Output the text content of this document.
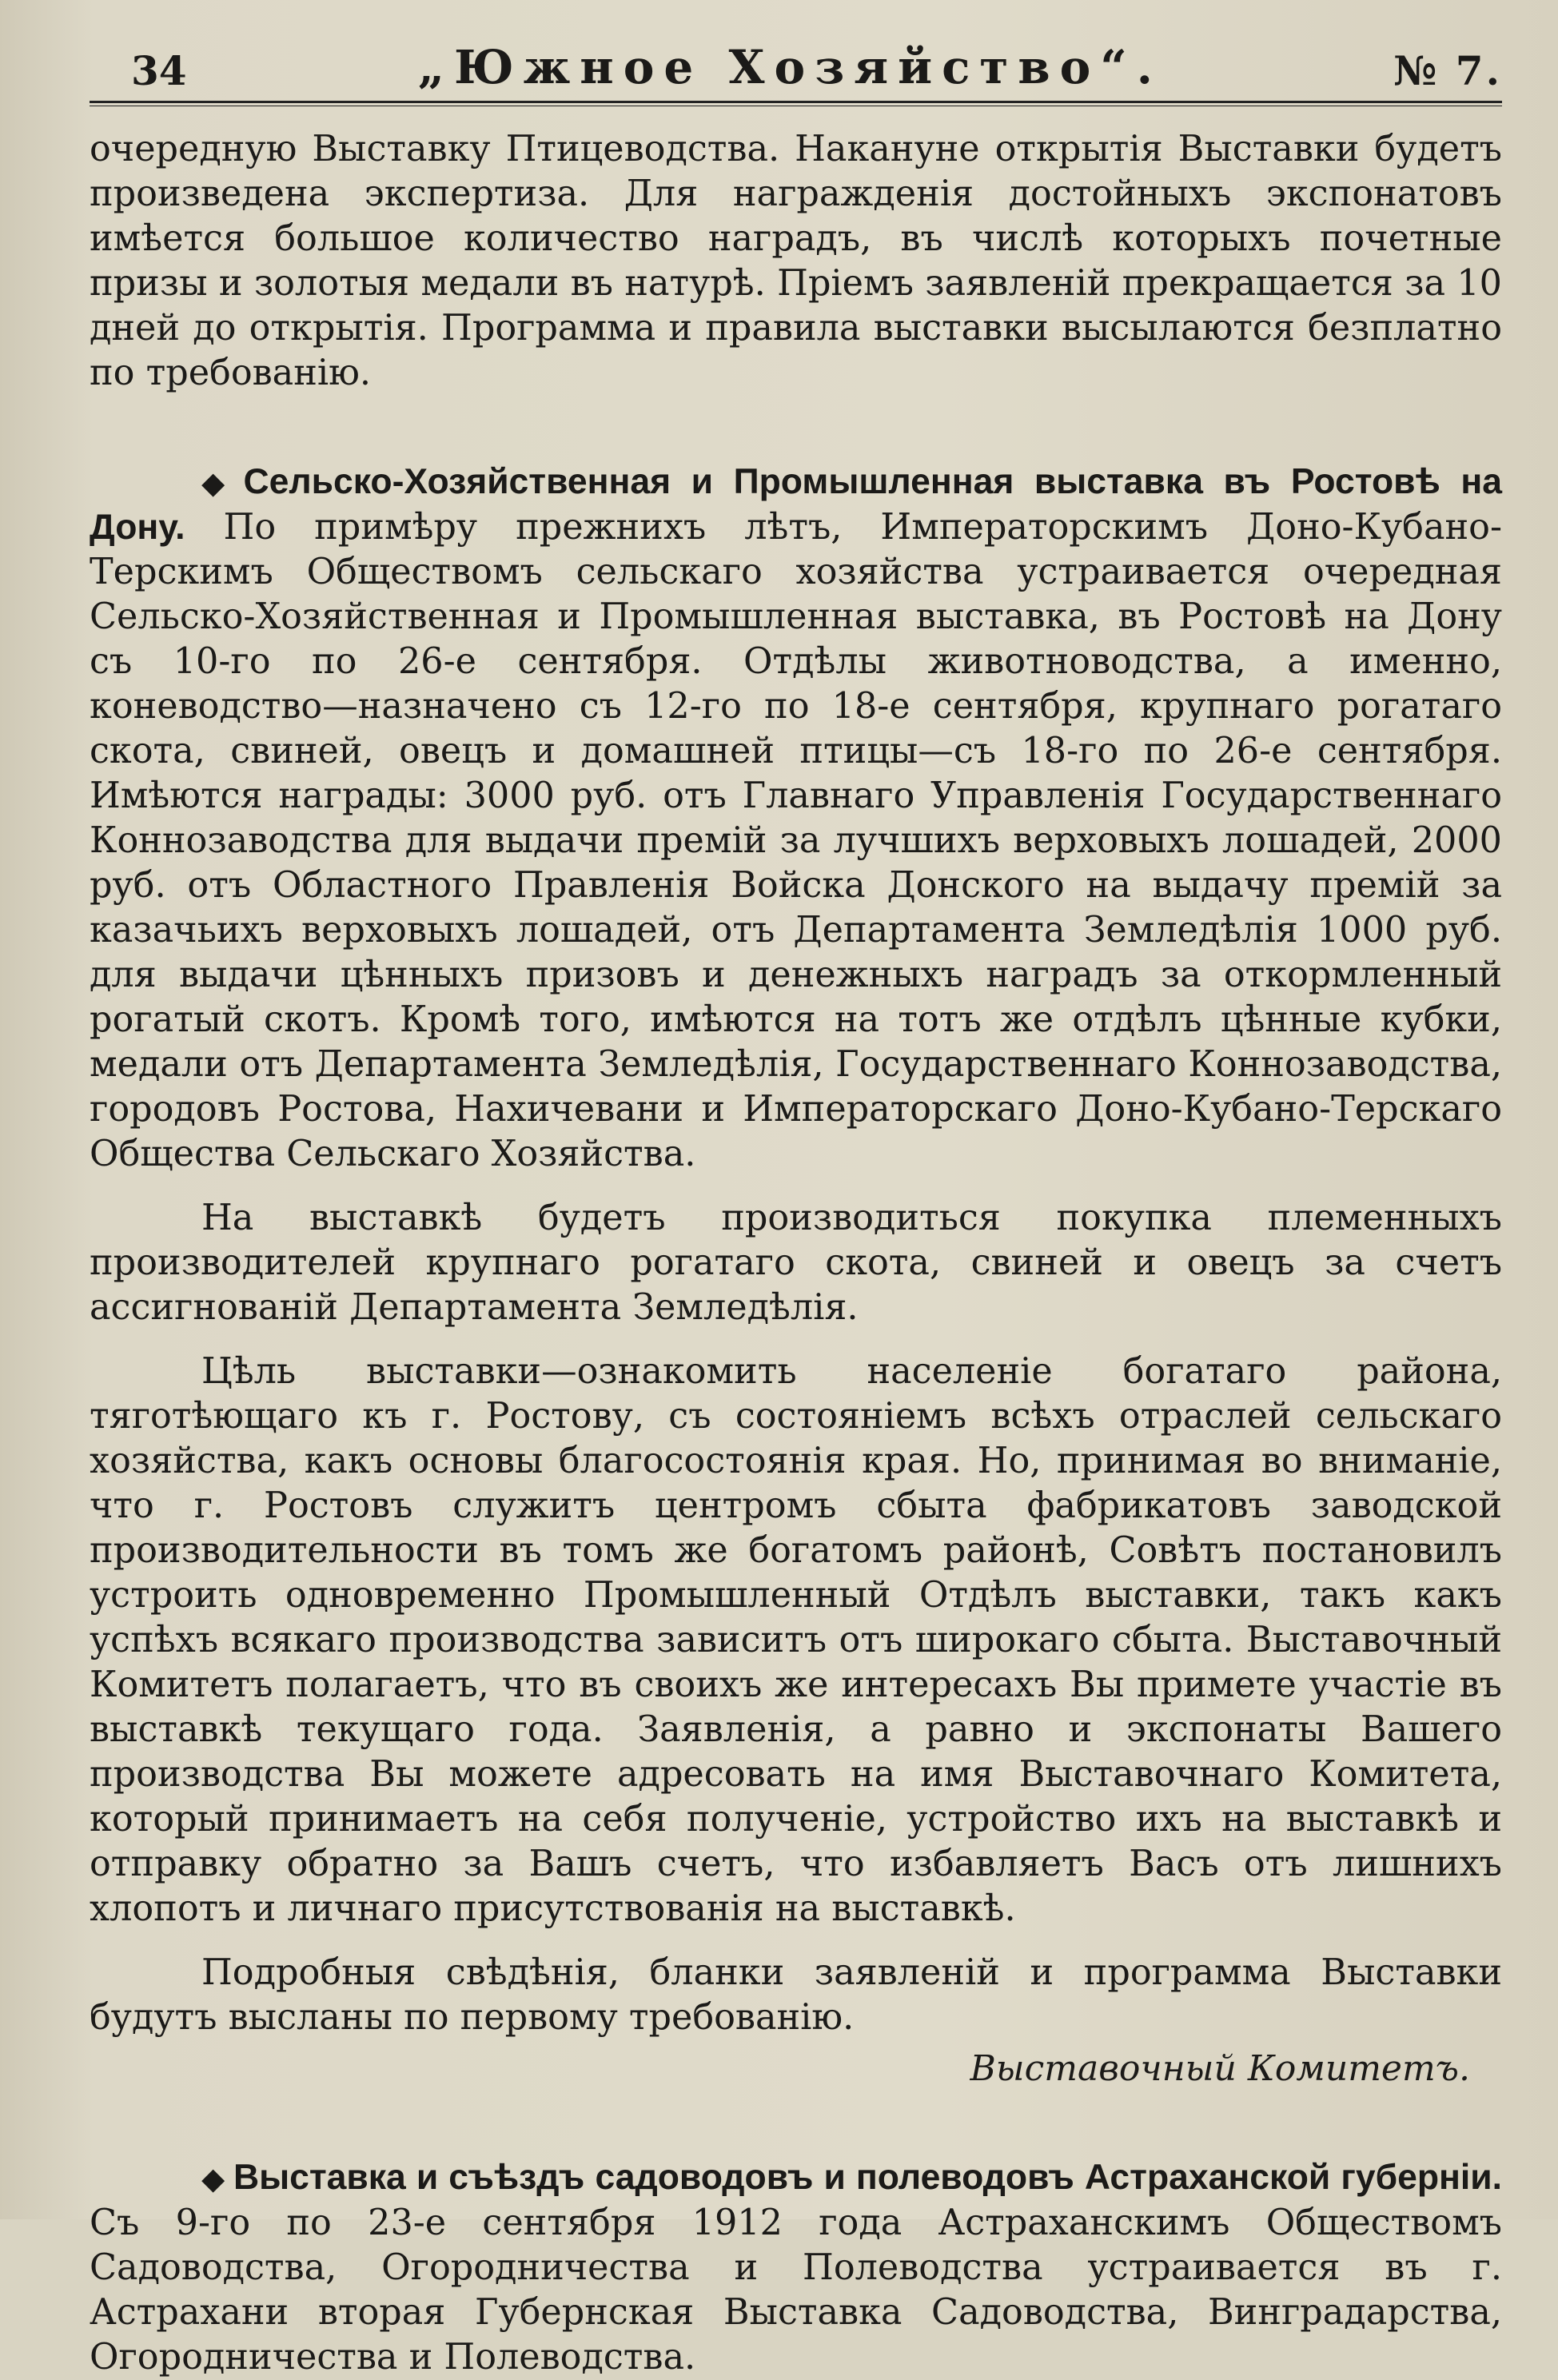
34	„Южное Хозяйство“.	№ 7.

очередную Выставку Птицеводства. Накануне открытія Выставки будетъ произведена экспертиза. Для награжденія достойныхъ экспонатовъ имѣется большое количество наградъ, въ числѣ которыхъ почетные призы и золотыя медали въ натурѣ. Пріемъ заявленій прекращается за 10 дней до открытія. Программа и правила выставки высылаются безплатно по требованію.

◆ Сельско-Хозяйственная и Промышленная выставка въ Ростовѣ на Дону. По примѣру прежнихъ лѣтъ, Императорскимъ Доно-Кубано-Терскимъ Обществомъ сельскаго хозяйства устраивается очередная Сельско-Хозяйственная и Промышленная выставка, въ Ростовѣ на Дону съ 10-го по 26-е сентября. Отдѣлы животноводства, а именно, коневодство—назначено съ 12-го по 18-е сентября, крупнаго рогатаго скота, свиней, овецъ и домашней птицы—съ 18-го по 26-е сентября. Имѣются награды: 3000 руб. отъ Главнаго Управленія Государственнаго Коннозаводства для выдачи премій за лучшихъ верховыхъ лошадей, 2000 руб. отъ Областного Правленія Войска Донского на выдачу премій за казачьихъ верховыхъ лошадей, отъ Департамента Земледѣлія 1000 руб. для выдачи цѣнныхъ призовъ и денежныхъ наградъ за откормленный рогатый скотъ. Кромѣ того, имѣются на тотъ же отдѣлъ цѣнные кубки, медали отъ Департамента Земледѣлія, Государственнаго Коннозаводства, городовъ Ростова, Нахичевани и Императорскаго Доно-Кубано-Терскаго Общества Сельскаго Хозяйства.

На выставкѣ будетъ производиться покупка племенныхъ производителей крупнаго рогатаго скота, свиней и овецъ за счетъ ассигнованій Департамента Земледѣлія.

Цѣль выставки—ознакомить населеніе богатаго района, тяготѣющаго къ г. Ростову, съ состояніемъ всѣхъ отраслей сельскаго хозяйства, какъ основы благосостоянія края. Но, принимая во вниманіе, что г. Ростовъ служитъ центромъ сбыта фабрикатовъ заводской производительности въ томъ же богатомъ районѣ, Совѣтъ постановилъ устроить одновременно Промышленный Отдѣлъ выставки, такъ какъ успѣхъ всякаго производства зависитъ отъ широкаго сбыта. Выставочный Комитетъ полагаетъ, что въ своихъ же интересахъ Вы примете участіе въ выставкѣ текущаго года. Заявленія, а равно и экспонаты Вашего производства Вы можете адресовать на имя Выставочнаго Комитета, который принимаетъ на себя полученіе, устройство ихъ на выставкѣ и отправку обратно за Вашъ счетъ, что избавляетъ Васъ отъ лишнихъ хлопотъ и личнаго присутствованія на выставкѣ.

Подробныя свѣдѣнія, бланки заявленій и программа Выставки будутъ высланы по первому требованію.

Выставочный Комитетъ.

◆ Выставка и съѣздъ садоводовъ и полеводовъ Астраханской губерніи. Съ 9-го по 23-е сентября 1912 года Астраханскимъ Обществомъ Садоводства, Огородничества и Полеводства устраивается въ г. Астрахани вторая Губернская Выставка Садоводства, Винградарства, Огородничества и Полеводства.
